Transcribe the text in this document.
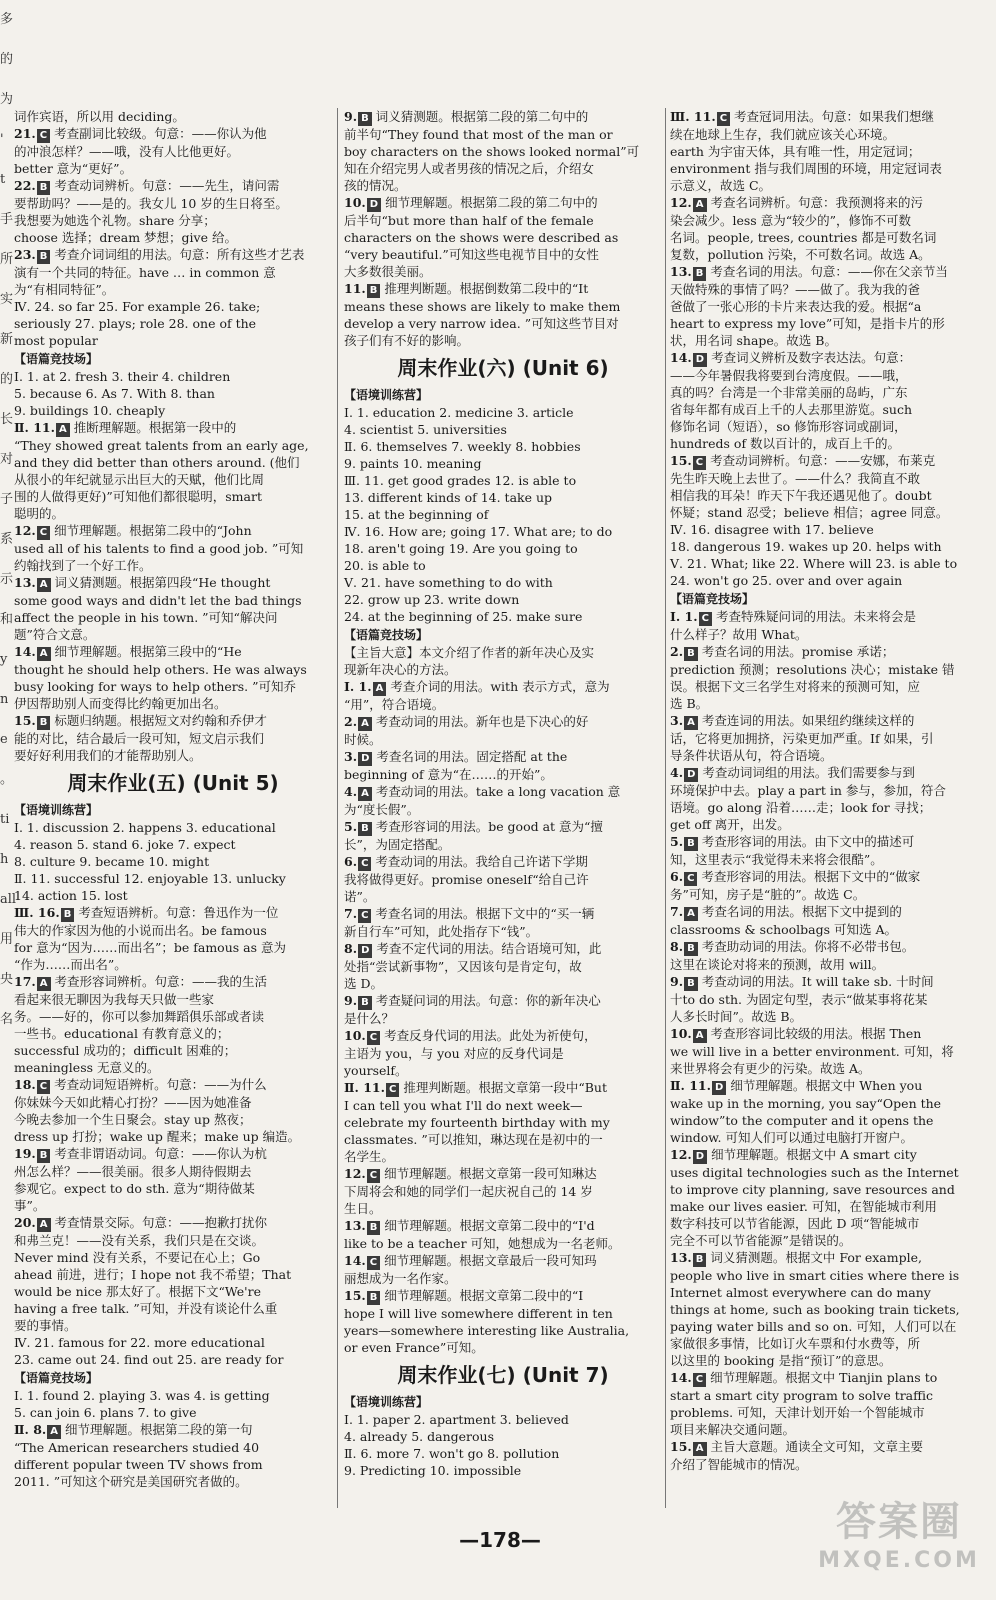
多
的
为
'
t
手
所
实
新
的
长
对
子
系
示
和
y
n
e
。
ti
h
all
用
央
名
词作宾语，所以用 deciding。
21. C 考查副词比较级。句意：——你认为他
的冲浪怎样？——哦，没有人比他更好。
better 意为“更好”。
22. B 考查动词辨析。句意：——先生，请问需
要帮助吗？——是的。我女儿 10 岁的生日将至。
我想要为她选个礼物。share 分享；
choose 选择；dream 梦想；give 给。
23. B 考查介词词组的用法。句意：所有这些才艺表
演有一个共同的特征。have … in common 意
为“有相同特征”。
Ⅳ. 24. so far 25. For example 26. take;
seriously 27. plays; role 28. one of the
most popular
【语篇竞技场】
Ⅰ. 1. at 2. fresh 3. their 4. children
5. because 6. As 7. With 8. than
9. buildings 10. cheaply
Ⅱ. 11. A 推断理解题。根据第一段中的
“They showed great talents from an early age,
and they did better than others around. (他们
从很小的年纪就显示出巨大的天赋，他们比周
围的人做得更好)”可知他们都很聪明，smart
聪明的。
12. C 细节理解题。根据第二段中的“John
used all of his talents to find a good job. ”可知
约翰找到了一个好工作。
13. A 词义猜测题。根据第四段“He thought
some good ways and didn't let the bad things
affect the people in his town. ”可知“解决问
题”符合文意。
14. A 细节理解题。根据第三段中的“He
thought he should help others. He was always
busy looking for ways to help others. ”可知乔
伊因帮助别人而变得比约翰更加出名。
15. B 标题归纳题。根据短文对约翰和乔伊才
能的对比，结合最后一段可知，短文启示我们
要好好利用我们的才能帮助别人。
周末作业(五) (Unit 5)
【语境训练营】
Ⅰ. 1. discussion 2. happens 3. educational
4. reason 5. stand 6. joke 7. expect
8. culture 9. became 10. might
Ⅱ. 11. successful 12. enjoyable 13. unlucky
14. action 15. lost
Ⅲ. 16. B 考查短语辨析。句意：鲁迅作为一位
伟大的作家因为他的小说而出名。be famous
for 意为“因为……而出名”；be famous as 意为
“作为……而出名”。
17. A 考查形容词辨析。句意：——我的生活
看起来很无聊因为我每天只做一些家
务。——好的，你可以参加舞蹈俱乐部或者读
一些书。educational 有教育意义的；
successful 成功的；difficult 困难的；
meaningless 无意义的。
18. C 考查动词短语辨析。句意：——为什么
你妹妹今天如此精心打扮？——因为她准备
今晚去参加一个生日聚会。stay up 熬夜；
dress up 打扮；wake up 醒来；make up 编造。
19. B 考查非谓语动词。句意：——你认为杭
州怎么样？——很美丽。很多人期待假期去
参观它。expect to do sth. 意为“期待做某
事”。
20. A 考查情景交际。句意：——抱歉打扰你
和弗兰克！——没有关系，我们只是在交谈。
Never mind 没有关系，不要记在心上；Go
ahead 前进，进行；I hope not 我不希望；That
would be nice 那太好了。根据下文“We're
having a free talk. ”可知，并没有谈论什么重
要的事情。
Ⅳ. 21. famous for 22. more educational
23. came out 24. find out 25. are ready for
【语篇竞技场】
Ⅰ. 1. found 2. playing 3. was 4. is getting
5. can join 6. plans 7. to give
Ⅱ. 8. A 细节理解题。根据第二段的第一句
“The American researchers studied 40
different popular tween TV shows from
2011. ”可知这个研究是美国研究者做的。
9. B 词义猜测题。根据第二段的第二句中的
前半句“They found that most of the man or
boy characters on the shows looked normal”可
知在介绍完男人或者男孩的情况之后，介绍女
孩的情况。
10. D 细节理解题。根据第二段的第二句中的
后半句“but more than half of the female
characters on the shows were described as
“very beautiful.”可知这些电视节目中的女性
大多数很美丽。
11. B 推理判断题。根据倒数第二段中的“It
means these shows are likely to make them
develop a very narrow idea. ”可知这些节目对
孩子们有不好的影响。
周末作业(六) (Unit 6)
【语境训练营】
Ⅰ. 1. education 2. medicine 3. article
4. scientist 5. universities
Ⅱ. 6. themselves 7. weekly 8. hobbies
9. paints 10. meaning
Ⅲ. 11. get good grades 12. is able to
13. different kinds of 14. take up
15. at the beginning of
Ⅳ. 16. How are; going 17. What are; to do
18. aren't going 19. Are you going to
20. is able to
Ⅴ. 21. have something to do with
22. grow up 23. write down
24. at the beginning of 25. make sure
【语篇竞技场】
【主旨大意】本文介绍了作者的新年决心及实
现新年决心的方法。
Ⅰ. 1. A 考查介词的用法。with 表示方式，意为
“用”，符合语境。
2. A 考查动词的用法。新年也是下决心的好
时候。
3. D 考查名词的用法。固定搭配 at the
beginning of 意为“在……的开始”。
4. A 考查动词的用法。take a long vacation 意
为“度长假”。
5. B 考查形容词的用法。be good at 意为“擅
长”，为固定搭配。
6. C 考查动词的用法。我给自己许诺下学期
我将做得更好。promise oneself“给自己许
诺”。
7. C 考查名词的用法。根据下文中的“买一辆
新自行车”可知，此处指存下“钱”。
8. D 考查不定代词的用法。结合语境可知，此
处指“尝试新事物”，又因该句是肯定句，故
选 D。
9. B 考查疑问词的用法。句意：你的新年决心
是什么？
10. C 考查反身代词的用法。此处为祈使句，
主语为 you，与 you 对应的反身代词是
yourself。
Ⅱ. 11. C 推理判断题。根据文章第一段中“But
I can tell you what I'll do next week—
celebrate my fourteenth birthday with my
classmates. ”可以推知，琳达现在是初中的一
名学生。
12. C 细节理解题。根据文章第一段可知琳达
下周将会和她的同学们一起庆祝自己的 14 岁
生日。
13. B 细节理解题。根据文章第二段中的“I'd
like to be a teacher 可知，她想成为一名老师。
14. C 细节理解题。根据文章最后一段可知玛
丽想成为一名作家。
15. B 细节理解题。根据文章第二段中的“I
hope I will live somewhere different in ten
years—somewhere interesting like Australia,
or even France”可知。
周末作业(七) (Unit 7)
【语境训练营】
Ⅰ. 1. paper 2. apartment 3. believed
4. already 5. dangerous
Ⅱ. 6. more 7. won't go 8. pollution
9. Predicting 10. impossible
Ⅲ. 11. C 考查冠词用法。句意：如果我们想继
续在地球上生存，我们就应该关心环境。
earth 为宇宙天体，具有唯一性，用定冠词；
environment 指与我们周围的环境，用定冠词表
示意义，故选 C。
12. A 考查名词辨析。句意：我预测将来的污
染会减少。less 意为“较少的”，修饰不可数
名词。people, trees, countries 都是可数名词
复数，pollution 污染，不可数名词。故选 A。
13. B 考查名词的用法。句意：——你在父亲节当
天做特殊的事情了吗？——做了。我为我的爸
爸做了一张心形的卡片来表达我的爱。根据“a
heart to express my love”可知，是指卡片的形
状，用名词 shape。故选 B。
14. D 考查词义辨析及数字表达法。句意：
——今年暑假我将要到台湾度假。——哦，
真的吗？台湾是一个非常美丽的岛屿，广东
省每年都有成百上千的人去那里游览。such
修饰名词（短语），so 修饰形容词或副词，
hundreds of 数以百计的，成百上千的。
15. C 考查动词辨析。句意：——安娜，布莱克
先生昨天晚上去世了。——什么？我简直不敢
相信我的耳朵！昨天下午我还遇见他了。doubt
怀疑；stand 忍受；believe 相信；agree 同意。
Ⅳ. 16. disagree with 17. believe
18. dangerous 19. wakes up 20. helps with
Ⅴ. 21. What; like 22. Where will 23. is able to
24. won't go 25. over and over again
【语篇竞技场】
Ⅰ. 1. C 考查特殊疑问词的用法。未来将会是
什么样子？故用 What。
2. B 考查名词的用法。promise 承诺；
prediction 预测；resolutions 决心；mistake 错
误。根据下文三名学生对将来的预测可知，应
选 B。
3. A 考查连词的用法。如果纽约继续这样的
话，它将更加拥挤，污染更加严重。If 如果，引
导条件状语从句，符合语境。
4. D 考查动词词组的用法。我们需要参与到
环境保护中去。play a part in 参与，参加，符合
语境。go along 沿着……走；look for 寻找；
get off 离开，出发。
5. B 考查形容词的用法。由下文中的描述可
知，这里表示“我觉得未来将会很酷”。
6. C 考查形容词的用法。根据下文中的“做家
务”可知，房子是“脏的”。故选 C。
7. A 考查名词的用法。根据下文中提到的
classrooms & schoolbags 可知选 A。
8. B 考查助动词的用法。你将不必带书包。
这里在谈论对将来的预测，故用 will。
9. B 考查动词的用法。It will take sb. 十时间
十to do sth. 为固定句型，表示“做某事将花某
人多长时间”。故选 B。
10. A 考查形容词比较级的用法。根据 Then
we will live in a better environment. 可知，将
来世界将会有更少的污染。故选 A。
Ⅱ. 11. D 细节理解题。根据文中 When you
wake up in the morning, you say“Open the
window”to the computer and it opens the
window. 可知人们可以通过电脑打开窗户。
12. D 细节理解题。根据文中 A smart city
uses digital technologies such as the Internet
to improve city planning, save resources and
make our lives easier. 可知，在智能城市利用
数字科技可以节省能源，因此 D 项“智能城市
完全不可以节省能源”是错误的。
13. B 词义猜测题。根据文中 For example,
people who live in smart cities where there is
Internet almost everywhere can do many
things at home, such as booking train tickets,
paying water bills and so on. 可知，人们可以在
家做很多事情，比如订火车票和付水费等，所
以这里的 booking 是指“预订”的意思。
14. C 细节理解题。根据文中 Tianjin plans to
start a smart city program to solve traffic
problems. 可知，天津计划开始一个智能城市
项目来解决交通问题。
15. A 主旨大意题。通读全文可知，文章主要
介绍了智能城市的情况。
—178—	答案圈
MXQE.COM
